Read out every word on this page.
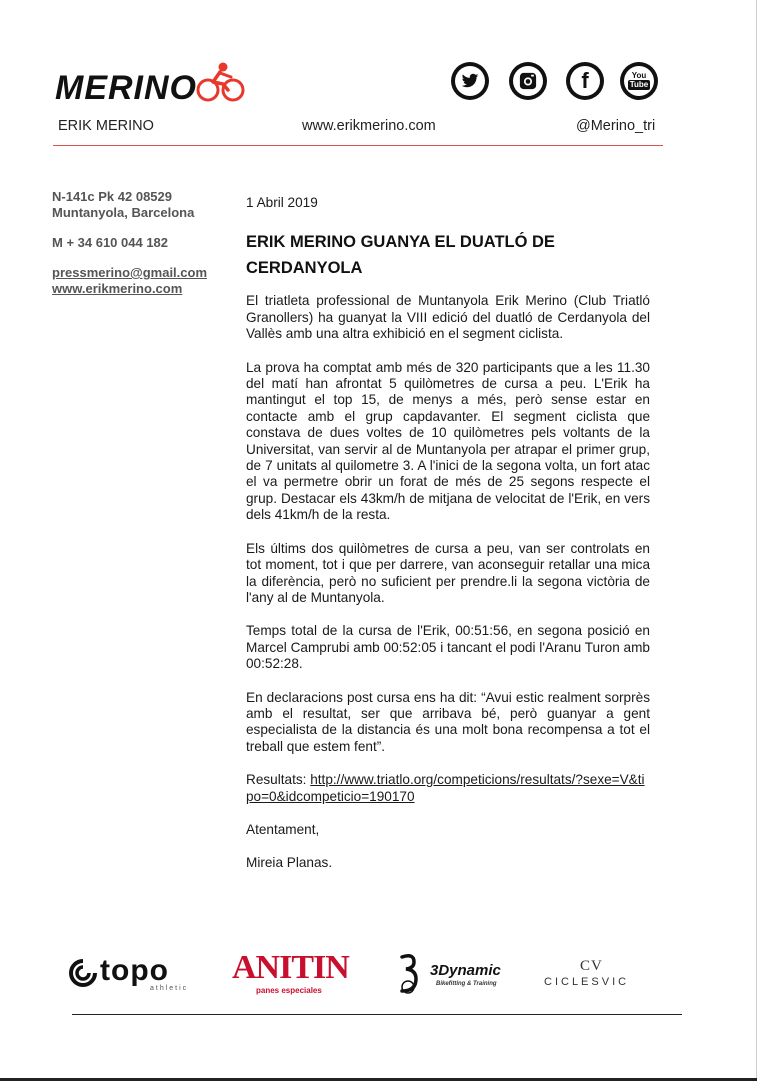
MERINO	f	You
Tube
ERIK MERINO	www.erikmerino.com	@Merino_tri
N-141c Pk 42 08529
Muntanyola, Barcelona
M + 34 610 044 182
pressmerino@gmail.com
www.erikmerino.com
1 Abril 2019
ERIK MERINO GUANYA EL DUATLÓ DE CERDANYOLA

El triatleta professional de Muntanyola Erik Merino (Club Triatló Granollers) ha guanyat la VIII edició del duatló de Cerdanyola del Vallès amb una altra exhibició en el segment ciclista.

La prova ha comptat amb més de 320 participants que a les 11.30 del matí han afrontat 5 quilòmetres de cursa a peu. L'Erik ha mantingut el top 15, de menys a més, però sense estar en contacte amb el grup capdavanter. El segment ciclista que constava de dues voltes de 10 quilòmetres pels voltants de la Universitat, van servir al de Muntanyola per atrapar el primer grup, de 7 unitats al quilometre 3. A l'inici de la segona volta, un fort atac el va permetre obrir un forat de més de 25 segons respecte el grup. Destacar els 43km/h de mitjana de velocitat de l'Erik, en vers dels 41km/h de la resta.

Els últims dos quilòmetres de cursa a peu, van ser controlats en tot moment, tot i que per darrere, van aconseguir retallar una mica la diferència, però no suficient per prendre.li la segona victòria de l'any al de Muntanyola.

Temps total de la cursa de l'Erik, 00:51:56, en segona posició en Marcel Camprubi amb 00:52:05 i tancant el podi l'Aranu Turon amb 00:52:28.

En declaracions post cursa ens ha dit: “Avui estic realment sorprès amb el resultat, ser que arribava bé, però guanyar a gent especialista de la distancia és una molt bona recompensa a tot el treball que estem fent”.

Resultats: http://www.triatlo.org/competicions/resultats/?sexe=V&tipo=0&idcompeticio=190170

Atentament,
Mireia Planas.
topo
athletic
ANITIN
panes especiales
3Dynamic
Bikefitting & Training
CV
CICLESVIC
